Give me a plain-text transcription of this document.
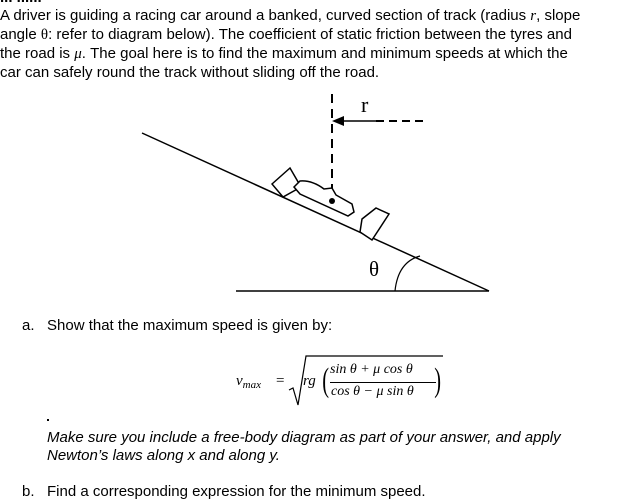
A driver is guiding a racing car around a banked, curved section of track (radius r, slope
angle θ: refer to diagram below). The coefficient of static friction between the tyres and
the road is μ. The goal here is to find the maximum and minimum speeds at which the
car can safely round the track without sliding off the road.
r
θ
a. Show that the maximum speed is given by:
$v_{max}$ = rg ( sin θ + μ cos θ
cos θ − μ sin θ )
Make sure you include a free-body diagram as part of your answer, and apply
Newton’s laws along x and along y.
b. Find a corresponding expression for the minimum speed.
